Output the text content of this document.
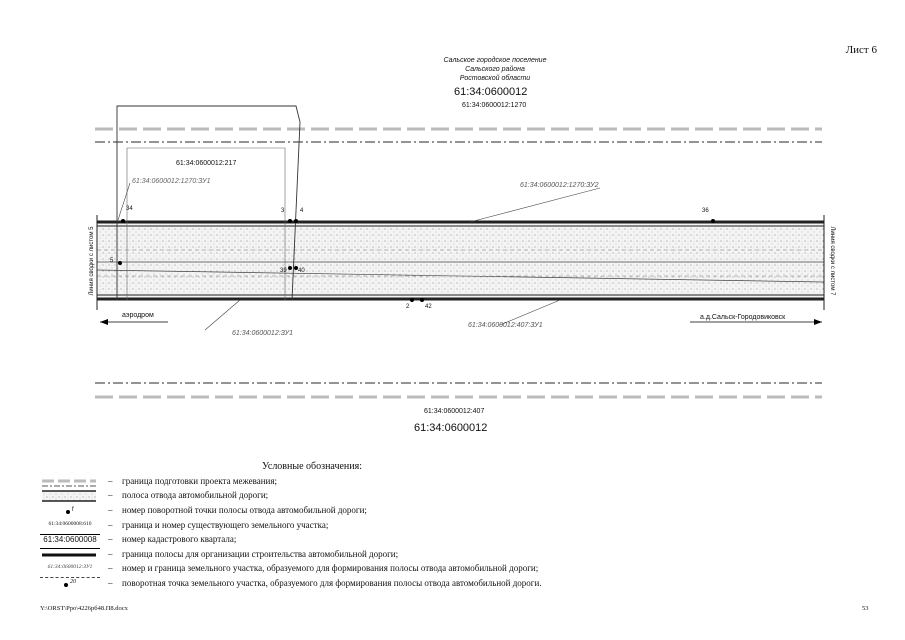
Лист 6
Сальское городское поселение
Сальского района
Ростовской области
61:34:0600012
61:34:0600012:1270
34	3	4
2
36
5
39 40
42
61:34:0600012:217
61:34:0600012:1270:ЗУ1
61:34:0600012:1270:ЗУ2
61:34:0600012:ЗУ1
61:34:0600012:407:ЗУ1
аэродром	а.д.Сальск-Городовиковск
Линия сводки с листом 5	Линия сводки с листом 7
61:34:0600012:407
61:34:0600012
Условные обозначения:
– граница подготовки проекта межевания;
– полоса отвода автомобильной дороги;
f	– номер поворотной точки полосы отвода автомобильной дороги;
61:34:0600008:610	– граница и номер существующего земельного участка;
61:34:0600008	– номер кадастрового квартала;
– граница полосы для организации строительства автомобильной дороги;
61:34:0600012:ЗУ1	– номер и граница земельного участка, образуемого для формирования полосы отвода автомобильной дороги;
20	– поворотная точка земельного участка, образуемого для формирования полосы отвода автомобильной дороги.
Y:\ORST\Ppo\4226pб48.П8.docx	53
